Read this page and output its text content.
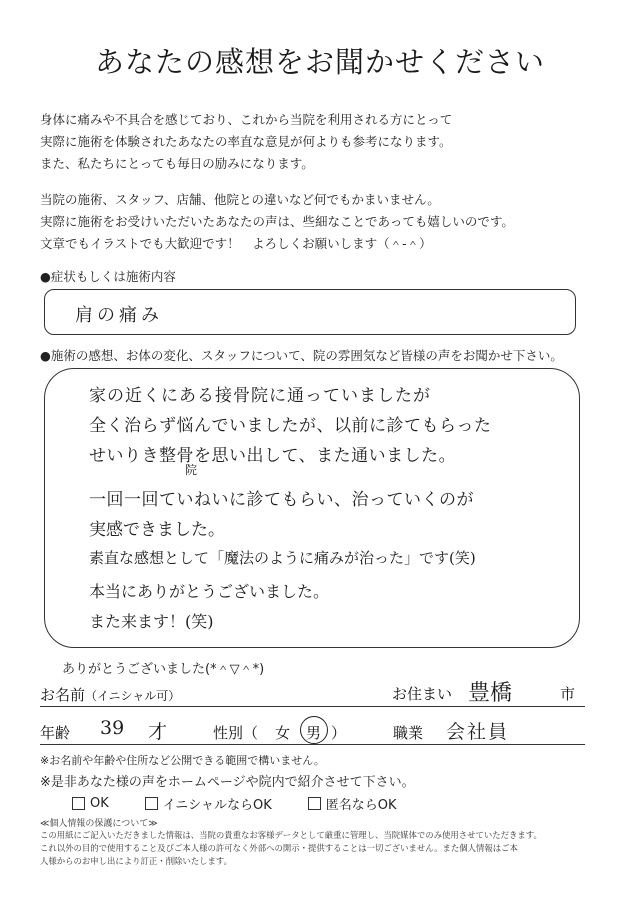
あなたの感想をお聞かせください
身体に痛みや不具合を感じており、これから当院を利用される方にとって
実際に施術を体験されたあなたの率直な意見が何よりも参考になります。
また、私たちにとっても毎日の励みになります。
当院の施術、スタッフ、店舗、他院との違いなど何でもかまいません。
実際に施術をお受けいただいたあなたの声は、些細なことであっても嬉しいのです。
文章でもイラストでも大歓迎です！　よろしくお願いします（＾-＾）
●症状もしくは施術内容
肩の痛み
●施術の感想、お体の変化、スタッフについて、院の雰囲気など皆様の声をお聞かせ下さい。
家の近くにある接骨院に通っていましたが
全く治らず悩んでいましたが、以前に診てもらった
せいりき整骨を思い出して、また通いました。
院
一回一回ていねいに診てもらい、治っていくのが
実感できました。
素直な感想として「魔法のように痛みが治った」です(笑)
本当にありがとうございました。
また来ます！(笑)
ありがとうございました(*＾▽＾*)
お名前（イニシャル可）	お住まい 豊橋	市
年齢 39 才	性別（ 女 男 ）	職業 会社員
※お名前や年齢や住所など公開できる範囲で構いません。
※是非あなた様の声をホームページや院内で紹介させて下さい。
OK	イニシャルならOK	匿名ならOK
≪個人情報の保護について≫
この用紙にご記入いただきました情報は、当院の貴重なお客様データとして厳重に管理し、当院媒体でのみ使用させていただきます。
これ以外の目的で使用すること及びご本人様の許可なく外部への開示・提供することは一切ございません。また個人情報はご本
人様からのお申し出により訂正・削除いたします。
